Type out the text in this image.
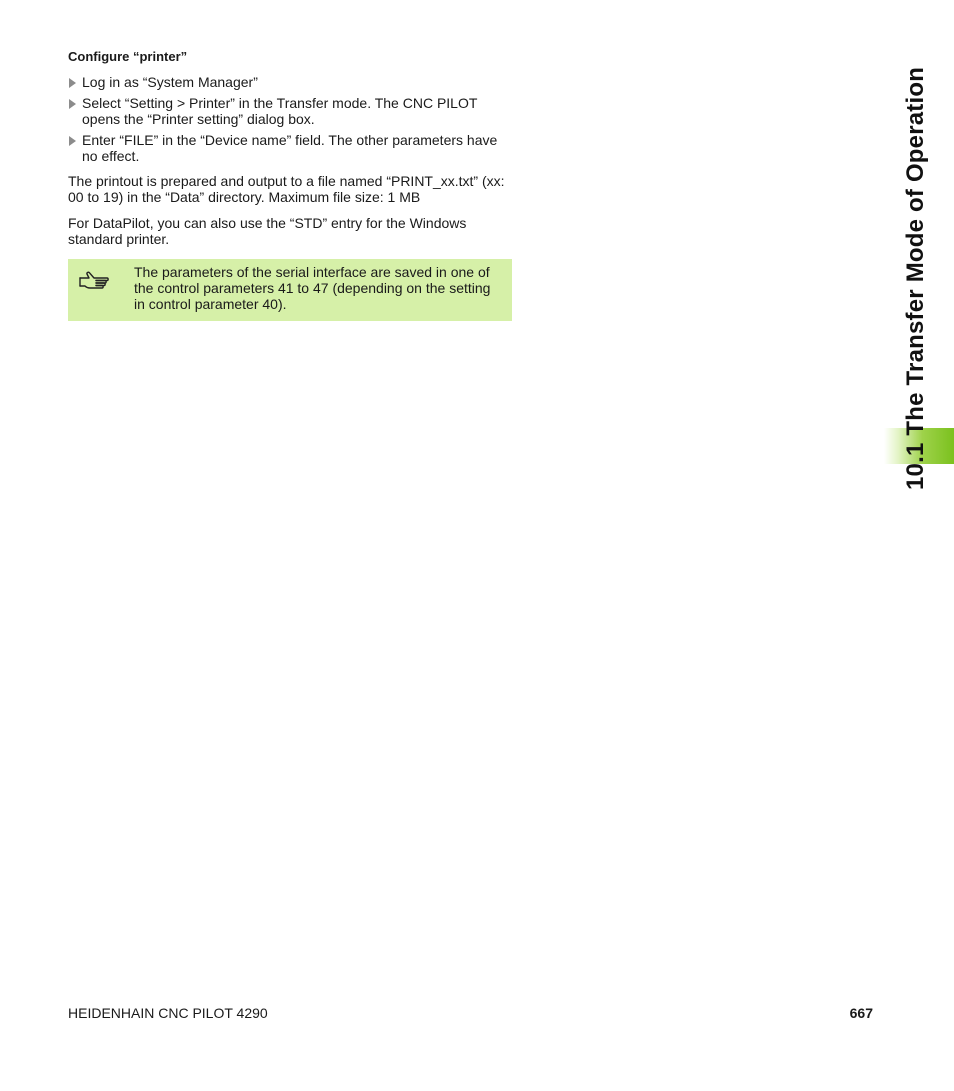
Configure “printer”
Log in as “System Manager”
Select “Setting > Printer” in the Transfer mode. The CNC PILOT opens the “Printer setting” dialog box.
Enter “FILE” in the “Device name” field. The other parameters have no effect.

The printout is prepared and output to a file named “PRINT_xx.txt” (xx: 00 to 19) in the “Data” directory. Maximum file size: 1 MB

For DataPilot, you can also use the “STD” entry for the Windows standard printer.

The parameters of the serial interface are saved in one of the control parameters 41 to 47 (depending on the setting in control parameter 40).	10.1 The Transfer Mode of Operation
HEIDENHAIN CNC PILOT 4290	667
